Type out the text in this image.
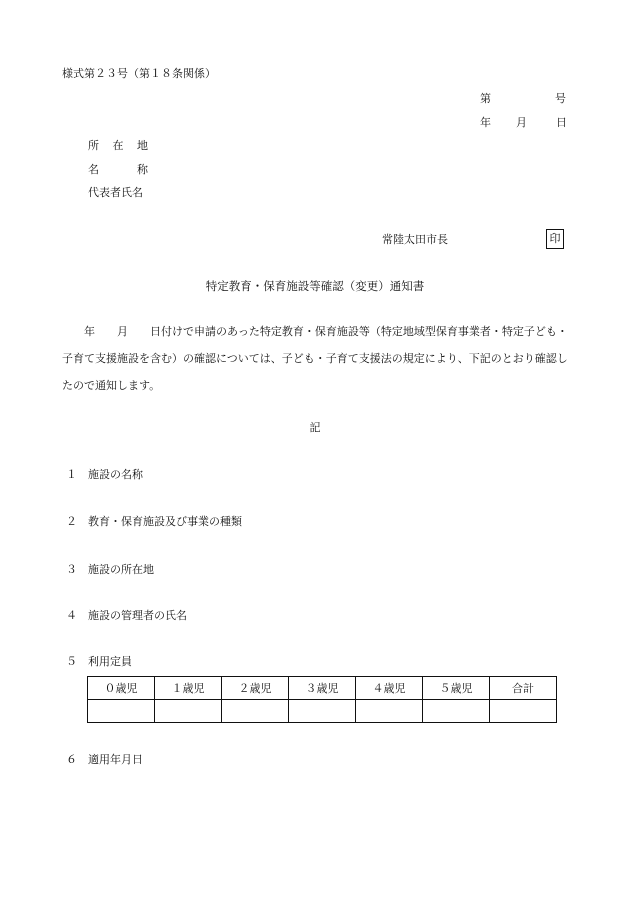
様式第２３号（第１８条関係）
第	号
年 月	日
所 在 地
名	称
代表者氏名
常陸太田市長	印
特定教育・保育施設等確認（変更）通知書
年 月 日付けで申請のあった特定教育・保育施設等（特定地域型保育事業者・特定子ども・子育て支援施設を含む）の確認については、子ども・子育て支援法の規定により、下記のとおり確認したので通知します。
記
１ 施設の名称
２ 教育・保育施設及び事業の種類
３ 施設の所在地
４ 施設の管理者の氏名
５ 利用定員
０歳児	１歳児	２歳児	３歳児	４歳児	５歳児	合計

６ 適用年月日
